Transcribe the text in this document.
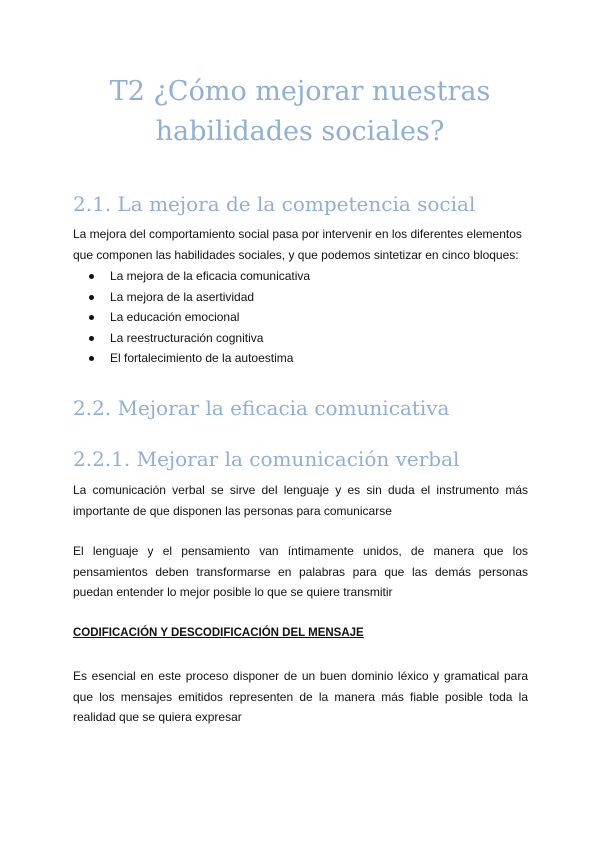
T2 ¿Cómo mejorar nuestras
habilidades sociales?
2.1. La mejora de la competencia social

La mejora del comportamiento social pasa por intervenir en los diferentes elementos
que componen las habilidades sociales, y que podemos sintetizar en cinco bloques:

La mejora de la eficacia comunicativa
La mejora de la asertividad
La educación emocional
La reestructuración cognitiva
El fortalecimiento de la autoestima
2.2. Mejorar la eficacia comunicativa
2.2.1. Mejorar la comunicación verbal

La comunicación verbal se sirve del lenguaje y es sin duda el instrumento más importante de que disponen las personas para comunicarse

El lenguaje y el pensamiento van íntimamente unidos, de manera que los pensamientos deben transformarse en palabras para que las demás personas puedan entender lo mejor posible lo que se quiere transmitir

CODIFICACIÓN Y DESCODIFICACIÓN DEL MENSAJE

Es esencial en este proceso disponer de un buen dominio léxico y gramatical para que los mensajes emitidos representen de la manera más fiable posible toda la realidad que se quiera expresar
